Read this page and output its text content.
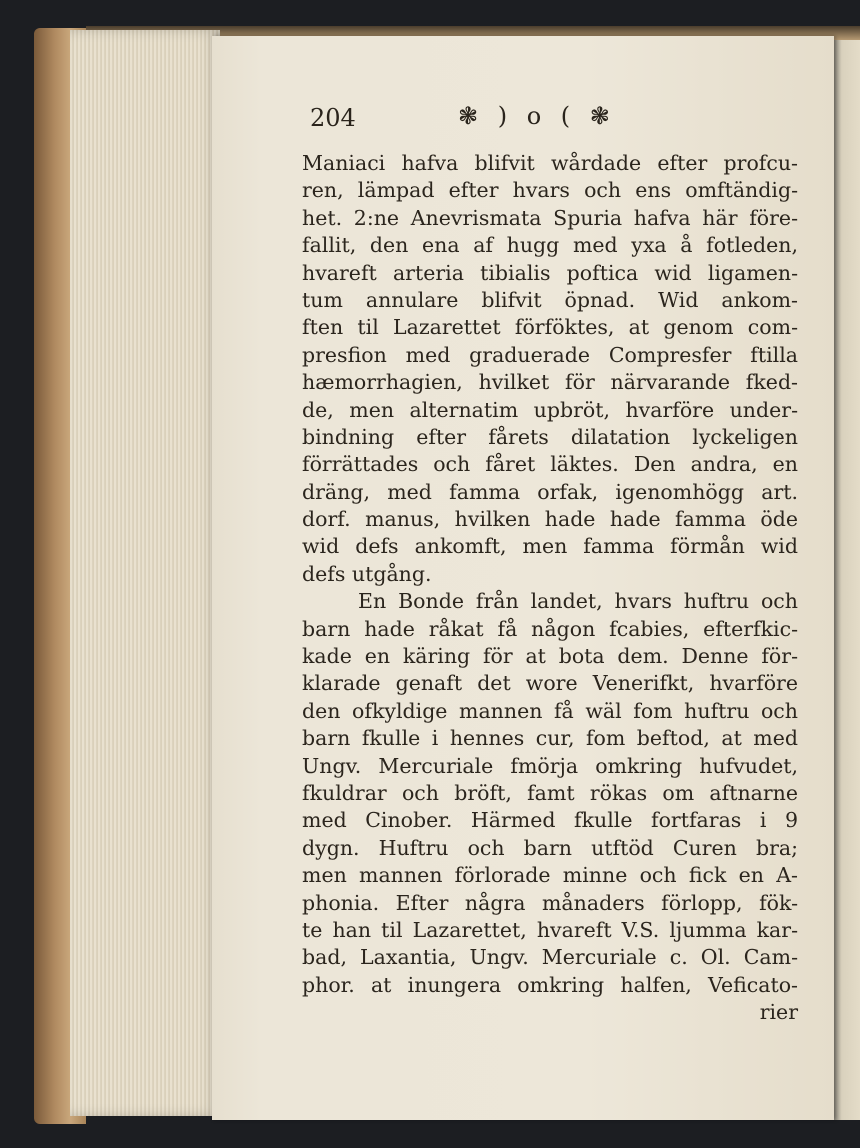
204	❃ ) o ( ❃
Maniaci hafva blifvit wårdade efter profcu-
ren, lämpad efter hvars och ens omftändig-
het. 2:ne Anevrismata Spuria hafva här före-
fallit, den ena af hugg med yxa å fotleden,
hvareft arteria tibialis poftica wid ligamen-
tum annulare blifvit öpnad. Wid ankom-
ften til Lazarettet förföktes, at genom com-
presfion med graduerade Compresfer ftilla
hæmorrhagien, hvilket för närvarande fked-
de, men alternatim upbröt, hvarföre under-
bindning efter fårets dilatation lyckeligen
förrättades och fåret läktes. Den andra, en
dräng, med famma orfak, igenomhögg art.
dorf. manus, hvilken hade hade famma öde
wid defs ankomft, men famma förmån wid
defs utgång.
En Bonde från landet, hvars huftru och
barn hade råkat få någon fcabies, efterfkic-
kade en käring för at bota dem. Denne för-
klarade genaft det wore Venerifkt, hvarföre
den ofkyldige mannen få wäl fom huftru och
barn fkulle i hennes cur, fom beftod, at med
Ungv. Mercuriale fmörja omkring hufvudet,
fkuldrar och bröft, famt rökas om aftnarne
med Cinober. Härmed fkulle fortfaras i 9
dygn. Huftru och barn utftöd Curen bra;
men mannen förlorade minne och fick en A-
phonia. Efter några månaders förlopp, fök-
te han til Lazarettet, hvareft V.S. ljumma kar-
bad, Laxantia, Ungv. Mercuriale c. Ol. Cam-
phor. at inungera omkring halfen, Veficato-
rier
